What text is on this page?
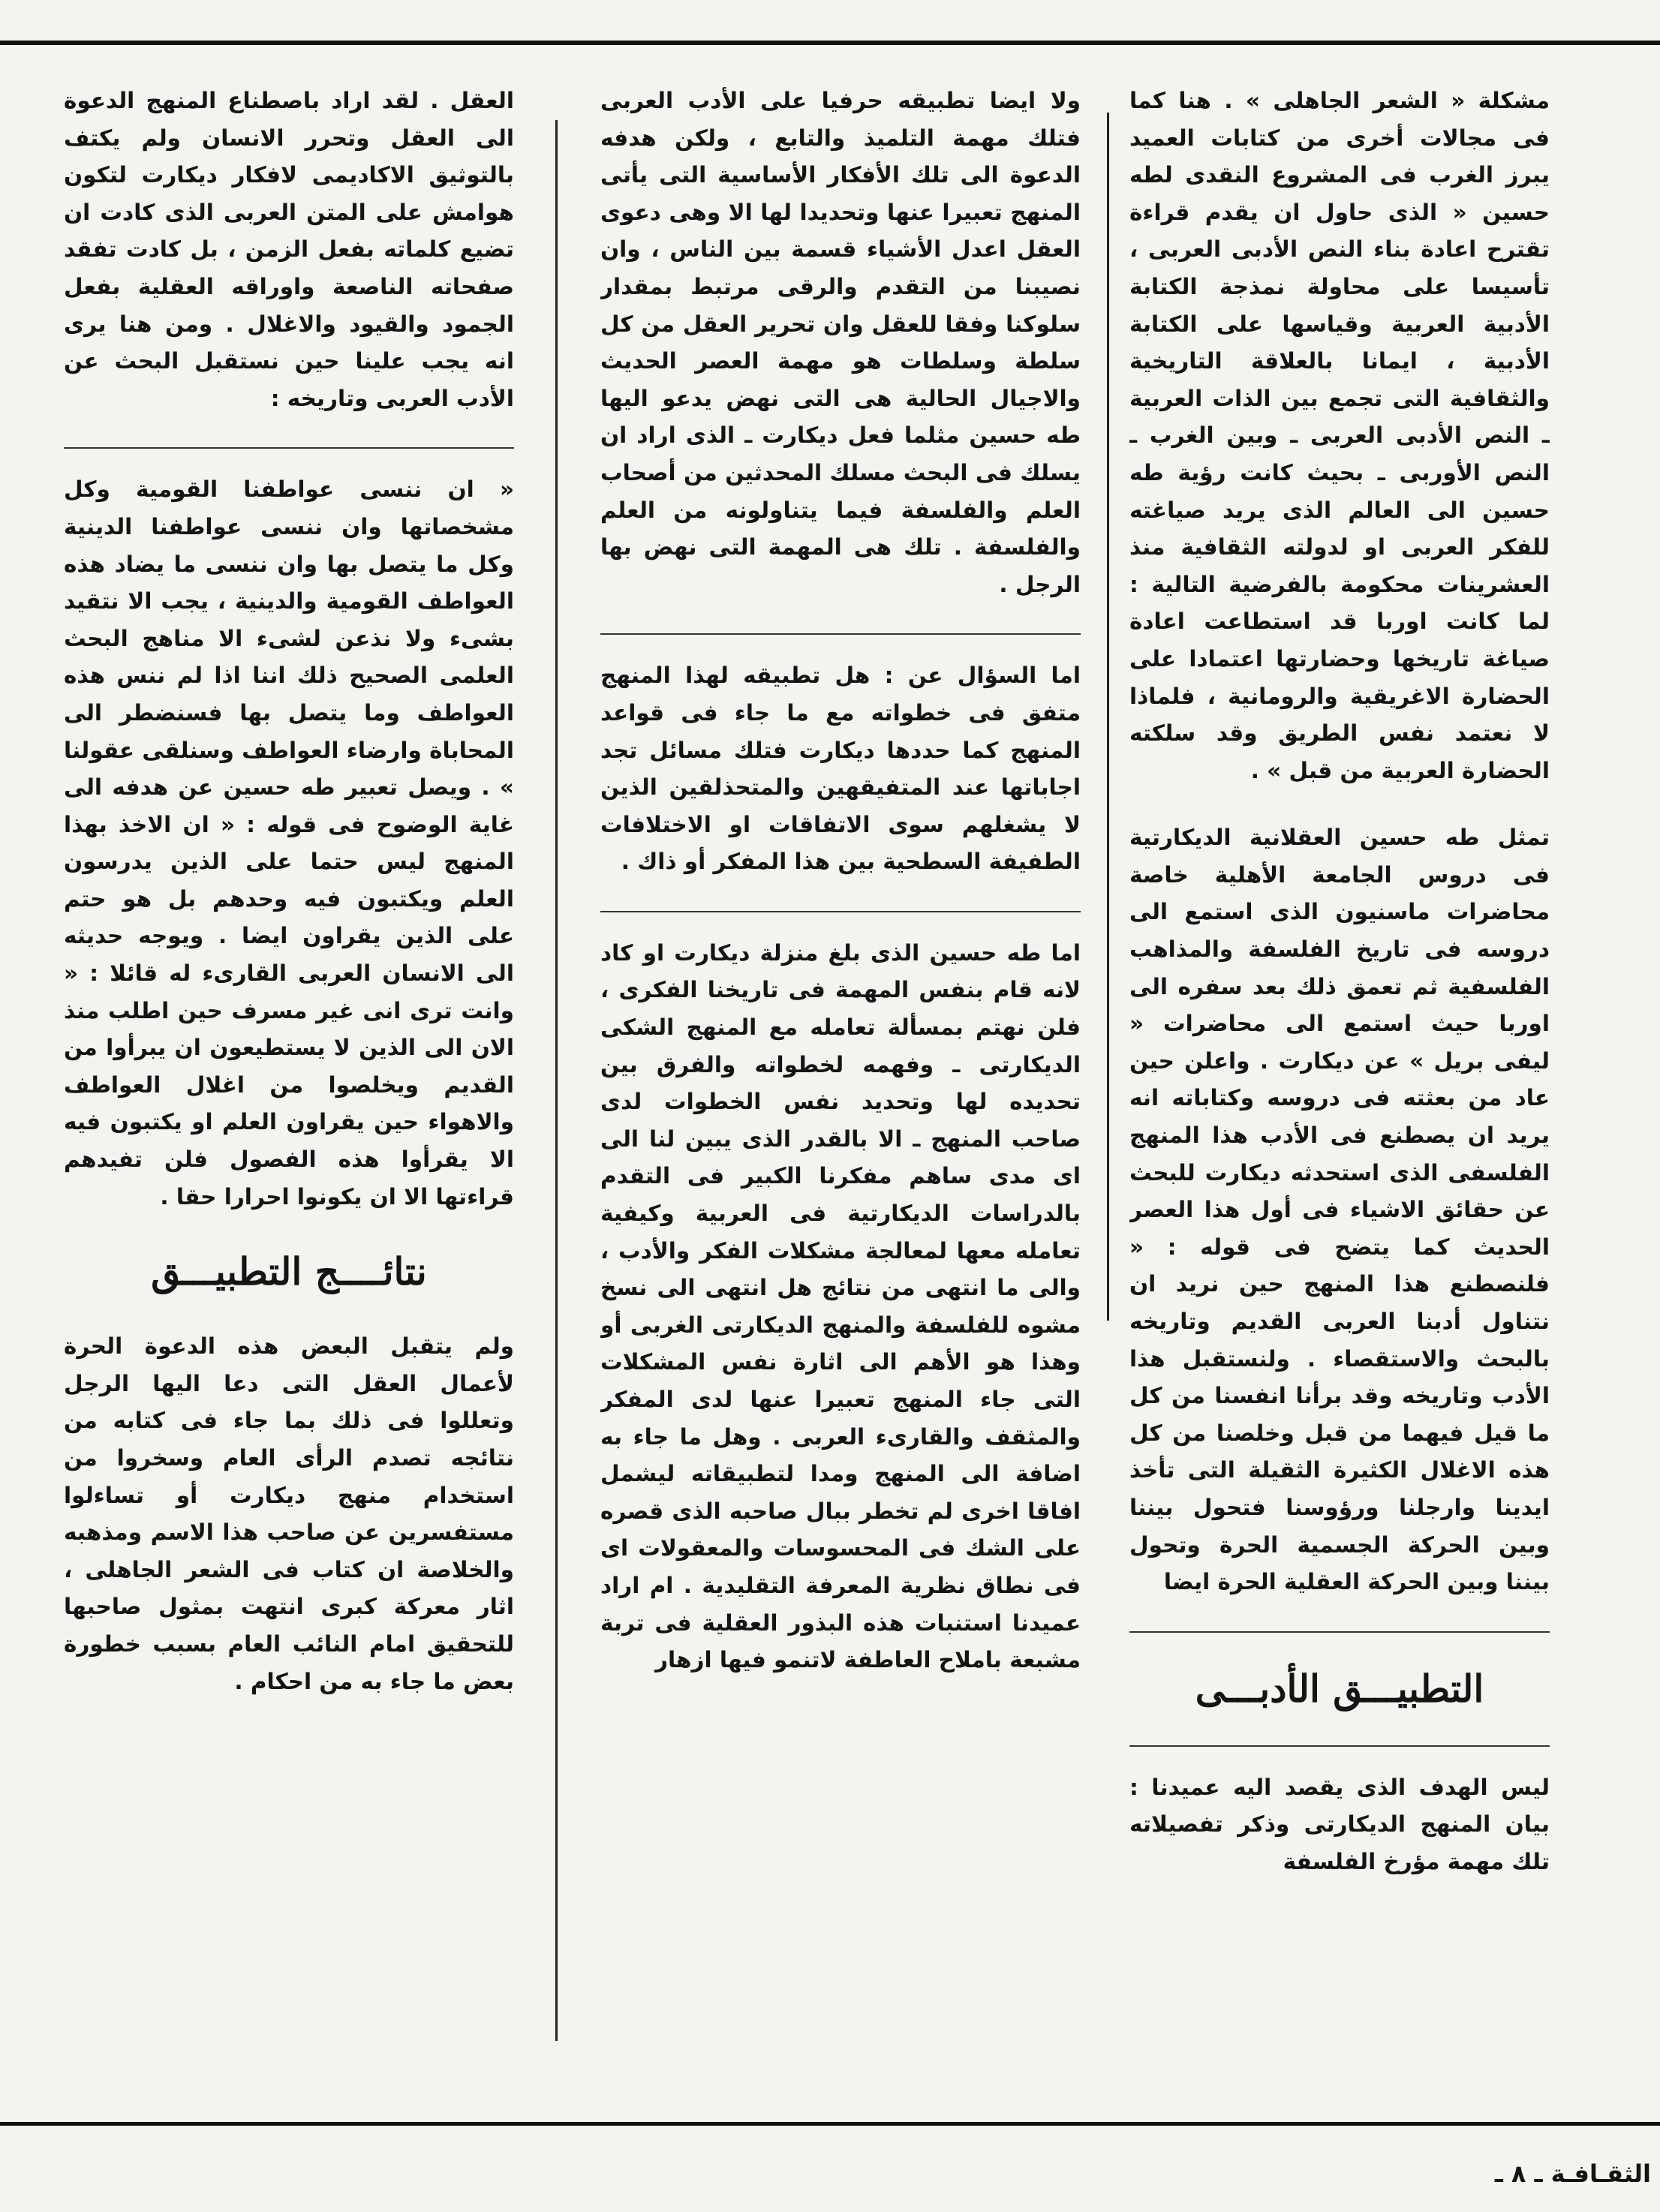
مشكلة « الشعر الجاهلى » . هنا كما فى مجالات أخرى من كتابات العميد يبرز الغرب فى المشروع النقدى لطه حسين « الذى حاول ان يقدم قراءة تقترح اعادة بناء النص الأدبى العربى ، تأسيسا على محاولة نمذجة الكتابة الأدبية العربية وقياسها على الكتابة الأدبية ، ايمانا بالعلاقة التاريخية والثقافية التى تجمع بين الذات العربية ـ النص الأدبى العربى ـ وبين الغرب ـ النص الأوربى ـ بحيث كانت رؤية طه حسين الى العالم الذى يريد صياغته للفكر العربى او لدولته الثقافية منذ العشرينات محكومة بالفرضية التالية : لما كانت اوربا قد استطاعت اعادة صياغة تاريخها وحضارتها اعتمادا على الحضارة الاغريقية والرومانية ، فلماذا لا نعتمد نفس الطريق وقد سلكته الحضارة العربية من قبل » .

تمثل طه حسين العقلانية الديكارتية فى دروس الجامعة الأهلية خاصة محاضرات ماسنيون الذى استمع الى دروسه فى تاريخ الفلسفة والمذاهب الفلسفية ثم تعمق ذلك بعد سفره الى اوربا حيث استمع الى محاضرات « ليفى بريل » عن ديكارت . واعلن حين عاد من بعثته فى دروسه وكتاباته انه يريد ان يصطنع فى الأدب هذا المنهج الفلسفى الذى استحدثه ديكارت للبحث عن حقائق الاشياء فى أول هذا العصر الحديث كما يتضح فى قوله : « فلنصطنع هذا المنهج حين نريد ان نتناول أدبنا العربى القديم وتاريخه بالبحث والاستقصاء . ولنستقبل هذا الأدب وتاريخه وقد برأنا انفسنا من كل ما قيل فيهما من قبل وخلصنا من كل هذه الاغلال الكثيرة الثقيلة التى تأخذ ايدينا وارجلنا ورؤوسنا فتحول بيننا وبين الحركة الجسمية الحرة وتحول بيننا وبين الحركة العقلية الحرة ايضا

التطبيـــق الأدبـــى

ليس الهدف الذى يقصد اليه عميدنا : بيان المنهج الديكارتى وذكر تفصيلاته تلك مهمة مؤرخ الفلسفة

ولا ايضا تطبيقه حرفيا على الأدب العربى فتلك مهمة التلميذ والتابع ، ولكن هدفه الدعوة الى تلك الأفكار الأساسية التى يأتى المنهج تعبيرا عنها وتحديدا لها الا وهى دعوى العقل اعدل الأشياء قسمة بين الناس ، وان نصيبنا من التقدم والرقى مرتبط بمقدار سلوكنا وفقا للعقل وان تحرير العقل من كل سلطة وسلطات هو مهمة العصر الحديث والاجيال الحالية هى التى نهض يدعو اليها طه حسين مثلما فعل ديكارت ـ الذى اراد ان يسلك فى البحث مسلك المحدثين من أصحاب العلم والفلسفة فيما يتناولونه من العلم والفلسفة . تلك هى المهمة التى نهض بها الرجل .

اما السؤال عن : هل تطبيقه لهذا المنهج متفق فى خطواته مع ما جاء فى قواعد المنهج كما حددها ديكارت فتلك مسائل تجد اجاباتها عند المتفيقهين والمتحذلقين الذين لا يشغلهم سوى الاتفاقات او الاختلافات الطفيفة السطحية بين هذا المفكر أو ذاك .

اما طه حسين الذى بلغ منزلة ديكارت او كاد لانه قام بنفس المهمة فى تاريخنا الفكرى ، فلن نهتم بمسألة تعامله مع المنهج الشكى الديكارتى ـ وفهمه لخطواته والفرق بين تحديده لها وتحديد نفس الخطوات لدى صاحب المنهج ـ الا بالقدر الذى يبين لنا الى اى مدى ساهم مفكرنا الكبير فى التقدم بالدراسات الديكارتية فى العربية وكيفية تعامله معها لمعالجة مشكلات الفكر والأدب ، والى ما انتهى من نتائج هل انتهى الى نسخ مشوه للفلسفة والمنهج الديكارتى الغربى أو وهذا هو الأهم الى اثارة نفس المشكلات التى جاء المنهج تعبيرا عنها لدى المفكر والمثقف والقارىء العربى . وهل ما جاء به اضافة الى المنهج ومدا لتطبيقاته ليشمل افاقا اخرى لم تخطر ببال صاحبه الذى قصره على الشك فى المحسوسات والمعقولات اى فى نطاق نظرية المعرفة التقليدية . ام اراد عميدنا استنبات هذه البذور العقلية فى تربة مشبعة باملاح العاطفة لاتنمو فيها ازهار

العقل . لقد اراد باصطناع المنهج الدعوة الى العقل وتحرر الانسان ولم يكتف بالتوثيق الاكاديمى لافكار ديكارت لتكون هوامش على المتن العربى الذى كادت ان تضيع كلماته بفعل الزمن ، بل كادت تفقد صفحاته الناصعة واوراقه العقلية بفعل الجمود والقيود والاغلال . ومن هنا يرى انه يجب علينا حين نستقبل البحث عن الأدب العربى وتاريخه :

« ان ننسى عواطفنا القومية وكل مشخصاتها وان ننسى عواطفنا الدينية وكل ما يتصل بها وان ننسى ما يضاد هذه العواطف القومية والدينية ، يجب الا نتقيد بشىء ولا نذعن لشىء الا مناهج البحث العلمى الصحيح ذلك اننا اذا لم ننس هذه العواطف وما يتصل بها فسنضطر الى المحاباة وارضاء العواطف وسنلقى عقولنا » . ويصل تعبير طه حسين عن هدفه الى غاية الوضوح فى قوله : « ان الاخذ بهذا المنهج ليس حتما على الذين يدرسون العلم ويكتبون فيه وحدهم بل هو حتم على الذين يقراون ايضا . ويوجه حديثه الى الانسان العربى القارىء له قائلا : « وانت ترى انى غير مسرف حين اطلب منذ الان الى الذين لا يستطيعون ان يبرأوا من القديم ويخلصوا من اغلال العواطف والاهواء حين يقراون العلم او يكتبون فيه الا يقرأوا هذه الفصول فلن تفيدهم قراءتها الا ان يكونوا احرارا حقا .

نتائــــج التطبيـــق

ولم يتقبل البعض هذه الدعوة الحرة لأعمال العقل التى دعا اليها الرجل وتعللوا فى ذلك بما جاء فى كتابه من نتائجه تصدم الرأى العام وسخروا من استخدام منهج ديكارت أو تساءلوا مستفسرين عن صاحب هذا الاسم ومذهبه والخلاصة ان كتاب فى الشعر الجاهلى ، اثار معركة كبرى انتهت بمثول صاحبها للتحقيق امام النائب العام بسبب خطورة بعض ما جاء به من احكام .

الثقـافـة ـ ٨ ـ
